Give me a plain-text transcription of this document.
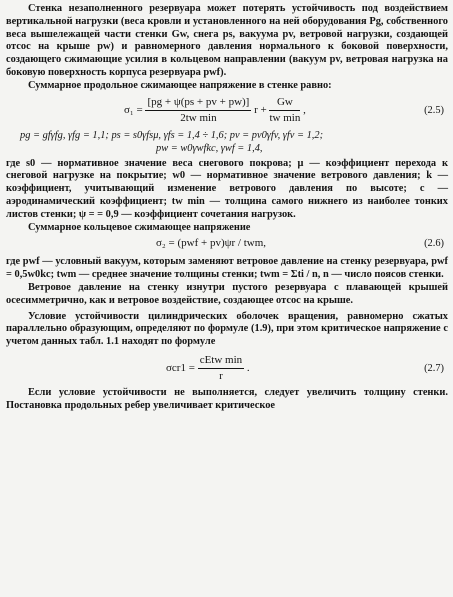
Стенка незаполненного резервуара может потерять устойчивость под воздействием вертикальной нагрузки (веса кровли и установленного на ней оборудования Pg, собственного веса вышележащей части стенки Gw, снега ps, вакуума pv, ветровой нагрузки, создающей отсос на крыше pw) и равномерного давления нормального к боковой поверхности, создающего сжимающие усилия в кольцевом направлении (вакуум pv, ветровая нагрузка на боковую поверхность корпуса резервуара pwf).

Суммарное продольное сжимающее напряжение в стенке равно:

$\sigma_1 = \frac{[pg + \psi(ps + pv + pw)]}{\text{2tw min}}$ $r + \frac{Gw}{\text{tw min}}$ ,	(2.5)
pg = gfγfg, γfg = 1,1; ps = s0γfsμ, γfs = 1,4 ÷ 1,6; pv = pv0γfv, γfv = 1,2;
pw = w0γwfkc, γwf = 1,4,

где s0 — нормативное значение веса снегового покрова; μ — коэффициент перехода к снеговой нагрузке на покрытие; w0 — нормативное значение ветрового давления; k — коэффициент, учитывающий изменение ветрового давления по высоте; c — аэродинамический коэффициент; tw min — толщина самого нижнего из наиболее тонких листов стенки; ψ = = 0,9 — коэффициент сочетания нагрузок.

Суммарное кольцевое сжимающее напряжение

σ₂ = (pwf + pv)ψr / twm,	(2.6)

где pwf — условный вакуум, которым заменяют ветровое давление на стенку резервуара, pwf = 0,5w0kc; twm — среднее значение толщины стенки; twm = Σti / n, n — число поясов стенки.

Ветровое давление на стенку изнутри пустого резервуара с плавающей крышей осесимметрично, как и ветровое воздействие, создающее отсос на крыше.

Условие устойчивости цилиндрических оболочек вращения, равномерно сжатых параллельно образующим, определяют по формуле (1.9), при этом критическое напряжение с учетом данных табл. 1.1 находят по формуле

$\sigma cr1 = \frac{\text{cEtw min}}{r}$ .	(2.7)

Если условие устойчивости не выполняется, следует увеличить толщину стенки. Постановка продольных ребер увеличивает критическое
